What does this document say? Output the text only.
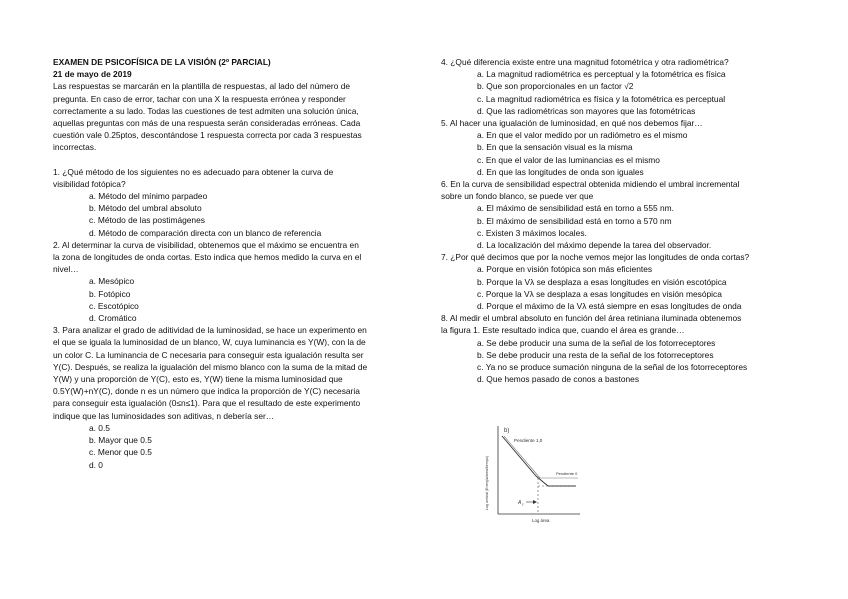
EXAMEN DE PSICOFÍSICA DE LA VISIÓN (2º PARCIAL)
21 de mayo de 2019
Las respuestas se marcarán en la plantilla de respuestas, al lado del número de
pregunta. En caso de error, tachar con una X la respuesta errónea y responder
correctamente a su lado. Todas las cuestiones de test admiten una solución única,
aquellas preguntas con más de una respuesta serán consideradas erróneas. Cada
cuestión vale 0.25ptos, descontándose 1 respuesta correcta por cada 3 respuestas
incorrectas.
1. ¿Qué método de los siguientes no es adecuado para obtener la curva de
visibilidad fotópica?
a. Método del mínimo parpadeo
b. Método del umbral absoluto
c. Método de las postimágenes
d. Método de comparación directa con un blanco de referencia
2. Al determinar la curva de visibilidad, obtenemos que el máximo se encuentra en
la zona de longitudes de onda cortas. Esto indica que hemos medido la curva en el
nivel…
a. Mesópico
b. Fotópico
c. Escotópico
d. Cromático
3. Para analizar el grado de aditividad de la luminosidad, se hace un experimento en
el que se iguala la luminosidad de un blanco, W, cuya luminancia es Y(W), con la de
un color C. La luminancia de C necesaria para conseguir esta igualación resulta ser
Y(C). Después, se realiza la igualación del mismo blanco con la suma de la mitad de
Y(W) y una proporción de Y(C), esto es, Y(W) tiene la misma luminosidad que
0.5Y(W)+nY(C), donde n es un número que indica la proporción de Y(C) necesaria
para conseguir esta igualación (0≤n≤1). Para que el resultado de este experimento
indique que las luminosidades son aditivas, n debería ser…
a. 0.5
b. Mayor que 0.5
c. Menor que 0.5
d. 0
4. ¿Qué diferencia existe entre una magnitud fotométrica y otra radiométrica?
a. La magnitud radiométrica es perceptual y la fotométrica es física
b. Que son proporcionales en un factor √2
c. La magnitud radiométrica es física y la fotométrica es perceptual
d. Que las radiométricas son mayores que las fotométricas
5. Al hacer una igualación de luminosidad, en qué nos debemos fijar…
a. En que el valor medido por un radiómetro es el mismo
b. En que la sensación visual es la misma
c. En que el valor de las luminancias es el mismo
d. En que las longitudes de onda son iguales
6. En la curva de sensibilidad espectral obtenida midiendo el umbral incremental
sobre un fondo blanco, se puede ver que
a. El máximo de sensibilidad está en torno a 555 nm.
b. El máximo de sensibilidad está en torno a 570 nm
c. Existen 3 máximos locales.
d. La localización del máximo depende la tarea del observador.
7. ¿Por qué decimos que por la noche vemos mejor las longitudes de onda cortas?
a. Porque en visión fotópica son más eficientes
b. Porque la Vλ se desplaza a esas longitudes en visión escotópica
c. Porque la Vλ se desplaza a esas longitudes en visión mesópica
d. Porque el máximo de la Vλ está siempre en esas longitudes de onda
8. Al medir el umbral absoluto en función del área retiniana iluminada obtenemos
la figura 1. Este resultado indica que, cuando el área es grande…
a. Se debe producir una suma de la señal de los fotorreceptores
b. Se debe producir una resta de la señal de los fotorreceptores
c. Ya no se produce sumación ninguna de la señal de los fotorreceptores
d. Que hemos pasado de conos a bastones
b)
Pendiente 1,0
Pendiente 0
A c
Log área
Log umbral (Energía/área/tiempo)
